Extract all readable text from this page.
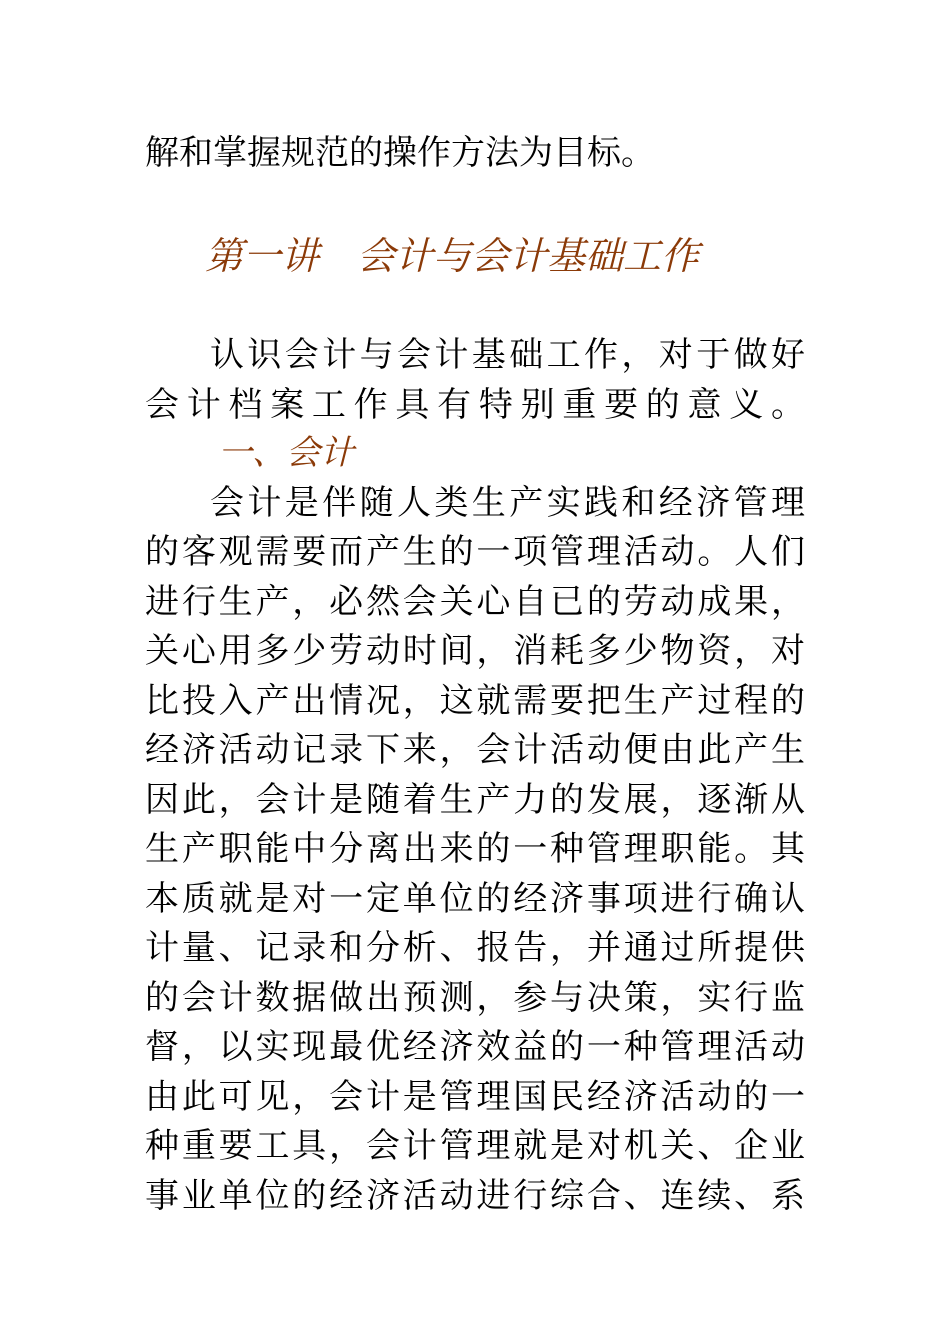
解和掌握规范的操作方法为目标。
第一讲　会计与会计基础工作
认识会计与会计基础工作，对于做好
会计档案工作具有特别重要的意义。
一、会计
会计是伴随人类生产实践和经济管理
的客观需要而产生的一项管理活动。人们
进行生产，必然会关心自已的劳动成果，
关心用多少劳动时间，消耗多少物资，对
比投入产出情况，这就需要把生产过程的
经济活动记录下来，会计活动便由此产生
因此，会计是随着生产力的发展，逐渐从
生产职能中分离出来的一种管理职能。其
本质就是对一定单位的经济事项进行确认
计量、记录和分析、报告，并通过所提供
的会计数据做出预测，参与决策，实行监
督，以实现最优经济效益的一种管理活动
由此可见，会计是管理国民经济活动的一
种重要工具，会计管理就是对机关、企业
事业单位的经济活动进行综合、连续、系
